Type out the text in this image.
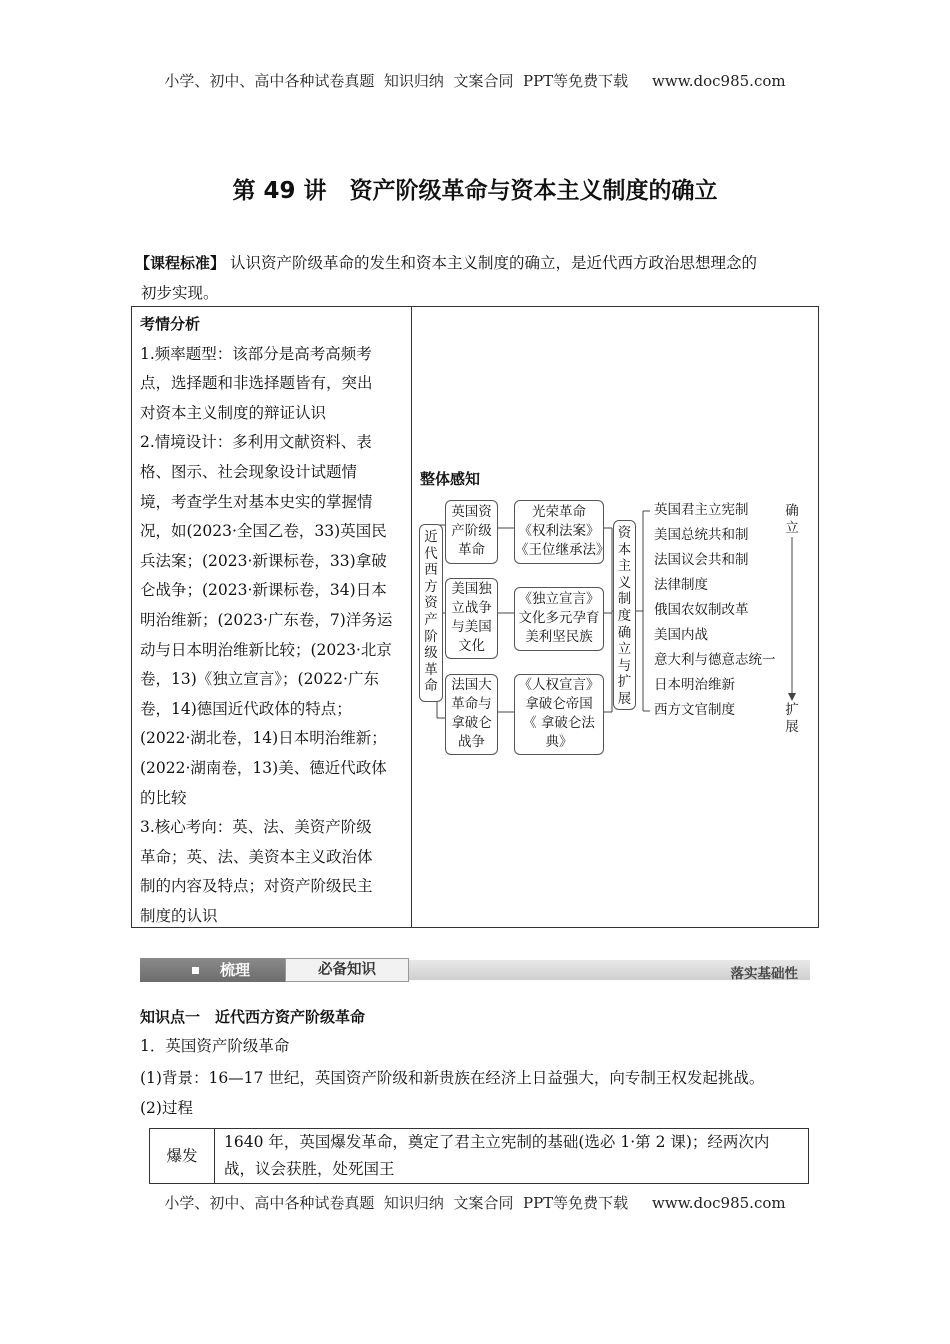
小学、初中、高中各种试卷真题  知识归纳  文案合同  PPT等免费下载     www.doc985.com
第 49 讲　资产阶级革命与资本主义制度的确立
【课程标准】 认识资产阶级革命的发生和资本主义制度的确立，是近代西方政治思想理念的
初步实现。
考情分析
1.频率题型：该部分是高考高频考
点，选择题和非选择题皆有，突出
对资本主义制度的辩证认识
2.情境设计：多利用文献资料、表
格、图示、社会现象设计试题情
境，考查学生对基本史实的掌握情
况，如(2023·全国乙卷，33)英国民
兵法案；(2023·新课标卷，33)拿破
仑战争；(2023·新课标卷，34)日本
明治维新；(2023·广东卷，7)洋务运
动与日本明治维新比较；(2023·北京
卷，13)《独立宣言》；(2022·广东
卷，14)德国近代政体的特点；
(2022·湖北卷，14)日本明治维新；
(2022·湖南卷，13)美、德近代政体
的比较
3.核心考向：英、法、美资产阶级
革命；英、法、美资本主义政治体
制的内容及特点；对资产阶级民主
制度的认识
整体感知
近
代
西
方
资
产
阶
级
革
命
英国资
产阶级
革命
美国独
立战争
与美国
文化
法国大
革命与
拿破仑
战争
光荣革命
《权利法案》
《王位继承法》
《独立宣言》
文化多元孕育
美利坚民族
《人权宣言》
拿破仑帝国
《 拿破仑法
典》
资
本
主
义
制
度
确
立
与
扩
展
英国君主立宪制
美国总统共和制
法国议会共和制
法律制度
俄国农奴制改革
美国内战
意大利与德意志统一
日本明治维新
西方文官制度
确
立
扩
展
梳理	必备知识	落实基础性
知识点一　近代西方资产阶级革命
1．英国资产阶级革命
(1)背景：16—17 世纪，英国资产阶级和新贵族在经济上日益强大，向专制王权发起挑战。
(2)过程
爆发
1640 年，英国爆发革命，奠定了君主立宪制的基础(选必 1·第 2 课)；经两次内
战，议会获胜，处死国王
小学、初中、高中各种试卷真题  知识归纳  文案合同  PPT等免费下载     www.doc985.com
